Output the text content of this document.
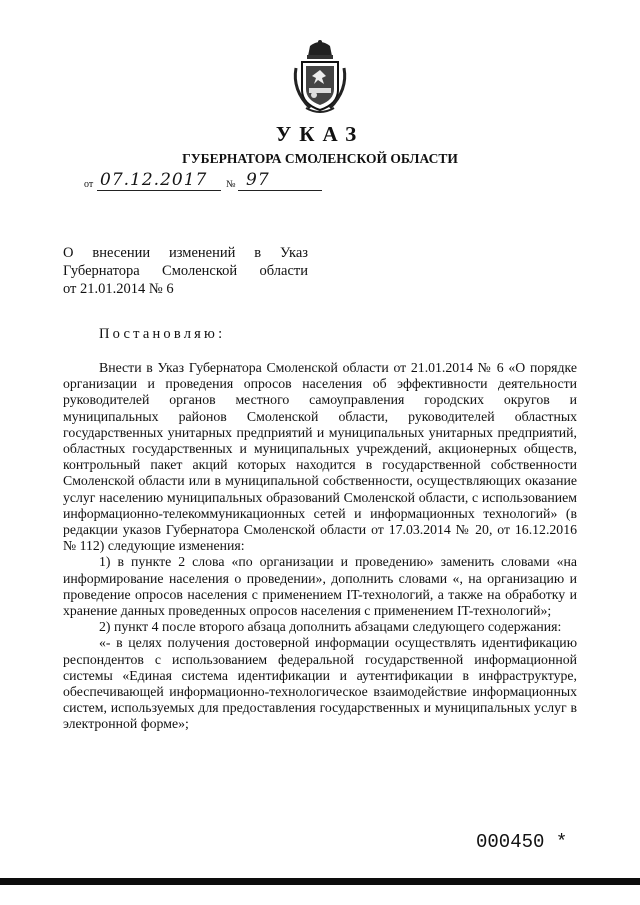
УКАЗ
ГУБЕРНАТОРА СМОЛЕНСКОЙ ОБЛАСТИ
от 07.12.2017 № 97
О внесении изменений в Указ
Губернатора Смоленской области
от 21.01.2014 № 6
Постановляю:

Внести в Указ Губернатора Смоленской области от 21.01.2014 № 6 «О порядке организации и проведения опросов населения об эффективности деятельности руководителей органов местного самоуправления городских округов и муниципальных районов Смоленской области, руководителей областных государственных унитарных предприятий и муниципальных унитарных предприятий, областных государственных и муниципальных учреждений, акционерных обществ, контрольный пакет акций которых находится в государственной собственности Смоленской области или в муниципальной собственности, осуществляющих оказание услуг населению муниципальных образований Смоленской области, с использованием информационно-телекоммуникационных сетей и информационных технологий» (в редакции указов Губернатора Смоленской области от 17.03.2014 № 20, от 16.12.2016 № 112) следующие изменения:

1) в пункте 2 слова «по организации и проведению» заменить словами «на информирование населения о проведении», дополнить словами «, на организацию и проведение опросов населения с применением IT-технологий, а также на обработку и хранение данных проведенных опросов населения с применением IT-технологий»;

2) пункт 4 после второго абзаца дополнить абзацами следующего содержания:

«- в целях получения достоверной информации осуществлять идентификацию респондентов с использованием федеральной государственной информационной системы «Единая система идентификации и аутентификации в инфраструктуре, обеспечивающей информационно-технологическое взаимодействие информационных систем, используемых для предоставления государственных и муниципальных услуг в электронной форме»;

000450 *
